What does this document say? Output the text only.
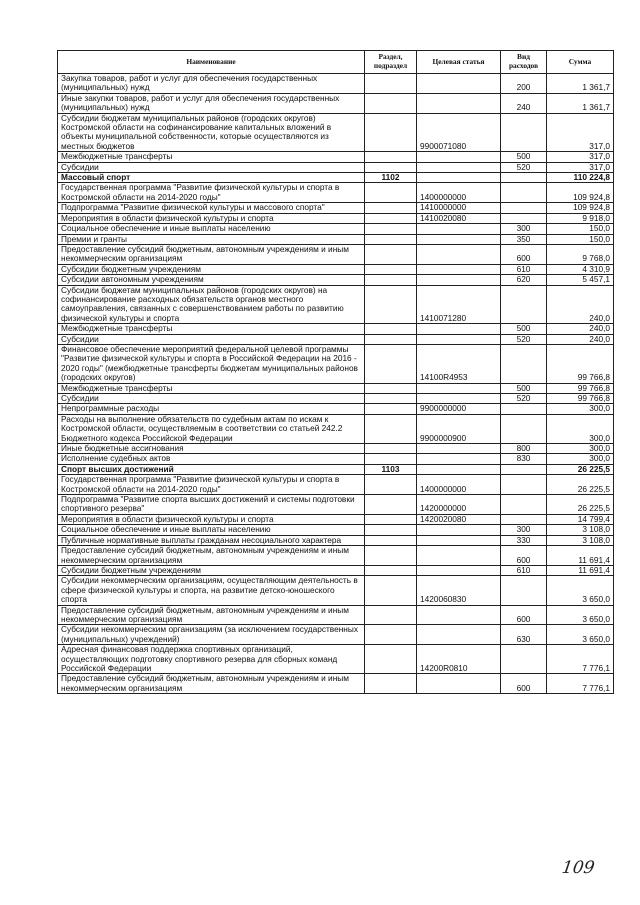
Наименование	Раздел, подраздел	Целевая статья	Вид расходов	Сумма
Закупка товаров, работ и услуг для обеспечения государственных (муниципальных) нужд			200	1 361,7
Иные закупки товаров, работ и услуг для обеспечения государственных (муниципальных) нужд			240	1 361,7
Субсидии бюджетам муниципальных районов (городских округов) Костромской области на софинансирование капитальных вложений в объекты муниципальной собственности, которые осуществляются из местных бюджетов		9900071080		317,0
Межбюджетные трансферты			500	317,0
Субсидии			520	317,0
Массовый спорт	1102			110 224,8
Государственная программа "Развитие физической культуры и спорта в Костромской области на 2014-2020 годы"		1400000000		109 924,8
Подпрограмма "Развитие физической культуры и массового спорта"		1410000000		109 924,8
Мероприятия в области физической культуры и спорта		1410020080		9 918,0
Социальное обеспечение и иные выплаты населению			300	150,0
Премии и гранты			350	150,0
Предоставление субсидий бюджетным, автономным учреждениям и иным некоммерческим организациям			600	9 768,0
Субсидии бюджетным учреждениям			610	4 310,9
Субсидии автономным учреждениям			620	5 457,1
Субсидии бюджетам муниципальных районов (городских округов) на софинансирование расходных обязательств органов местного самоуправления, связанных с совершенствованием работы по развитию физической культуры и спорта		1410071280		240,0
Межбюджетные трансферты			500	240,0
Субсидии			520	240,0
Финансовое обеспечение мероприятий федеральной целевой программы "Развитие физической культуры и спорта в Российской Федерации на 2016 - 2020 годы" (межбюджетные трансферты бюджетам муниципальных районов (городских округов)		14100R4953		99 766,8
Межбюджетные трансферты			500	99 766,8
Субсидии			520	99 766,8
Непрограммные расходы		9900000000		300,0
Расходы на выполнение обязательств по судебным актам по искам к Костромской области, осуществляемым в соответствии со статьей 242.2 Бюджетного кодекса Российской Федерации		9900000900		300,0
Иные бюджетные ассигнования			800	300,0
Исполнение судебных актов			830	300,0
Спорт высших достижений	1103			26 225,5
Государственная программа "Развитие физической культуры и спорта в Костромской области на 2014-2020 годы"		1400000000		26 225,5
Подпрограмма "Развитие спорта высших достижений и системы подготовки спортивного резерва"		1420000000		26 225,5
Мероприятия в области физической культуры и спорта		1420020080		14 799,4
Социальное обеспечение и иные выплаты населению			300	3 108,0
Публичные нормативные выплаты гражданам несоциального характера			330	3 108,0
Предоставление субсидий бюджетным, автономным учреждениям и иным некоммерческим организациям			600	11 691,4
Субсидии бюджетным учреждениям			610	11 691,4
Субсидии некоммерческим организациям, осуществляющим деятельность в сфере физической культуры и спорта, на развитие детско-юношеского спорта		1420060830		3 650,0
Предоставление субсидий бюджетным, автономным учреждениям и иным некоммерческим организациям			600	3 650,0
Субсидии некоммерческим организациям (за исключением государственных (муниципальных) учреждений)			630	3 650,0
Адресная финансовая поддержка спортивных организаций, осуществляющих подготовку спортивного резерва для сборных команд Российской Федерации		14200R0810		7 776,1
Предоставление субсидий бюджетным, автономным учреждениям и иным некоммерческим организациям			600	7 776,1
109
